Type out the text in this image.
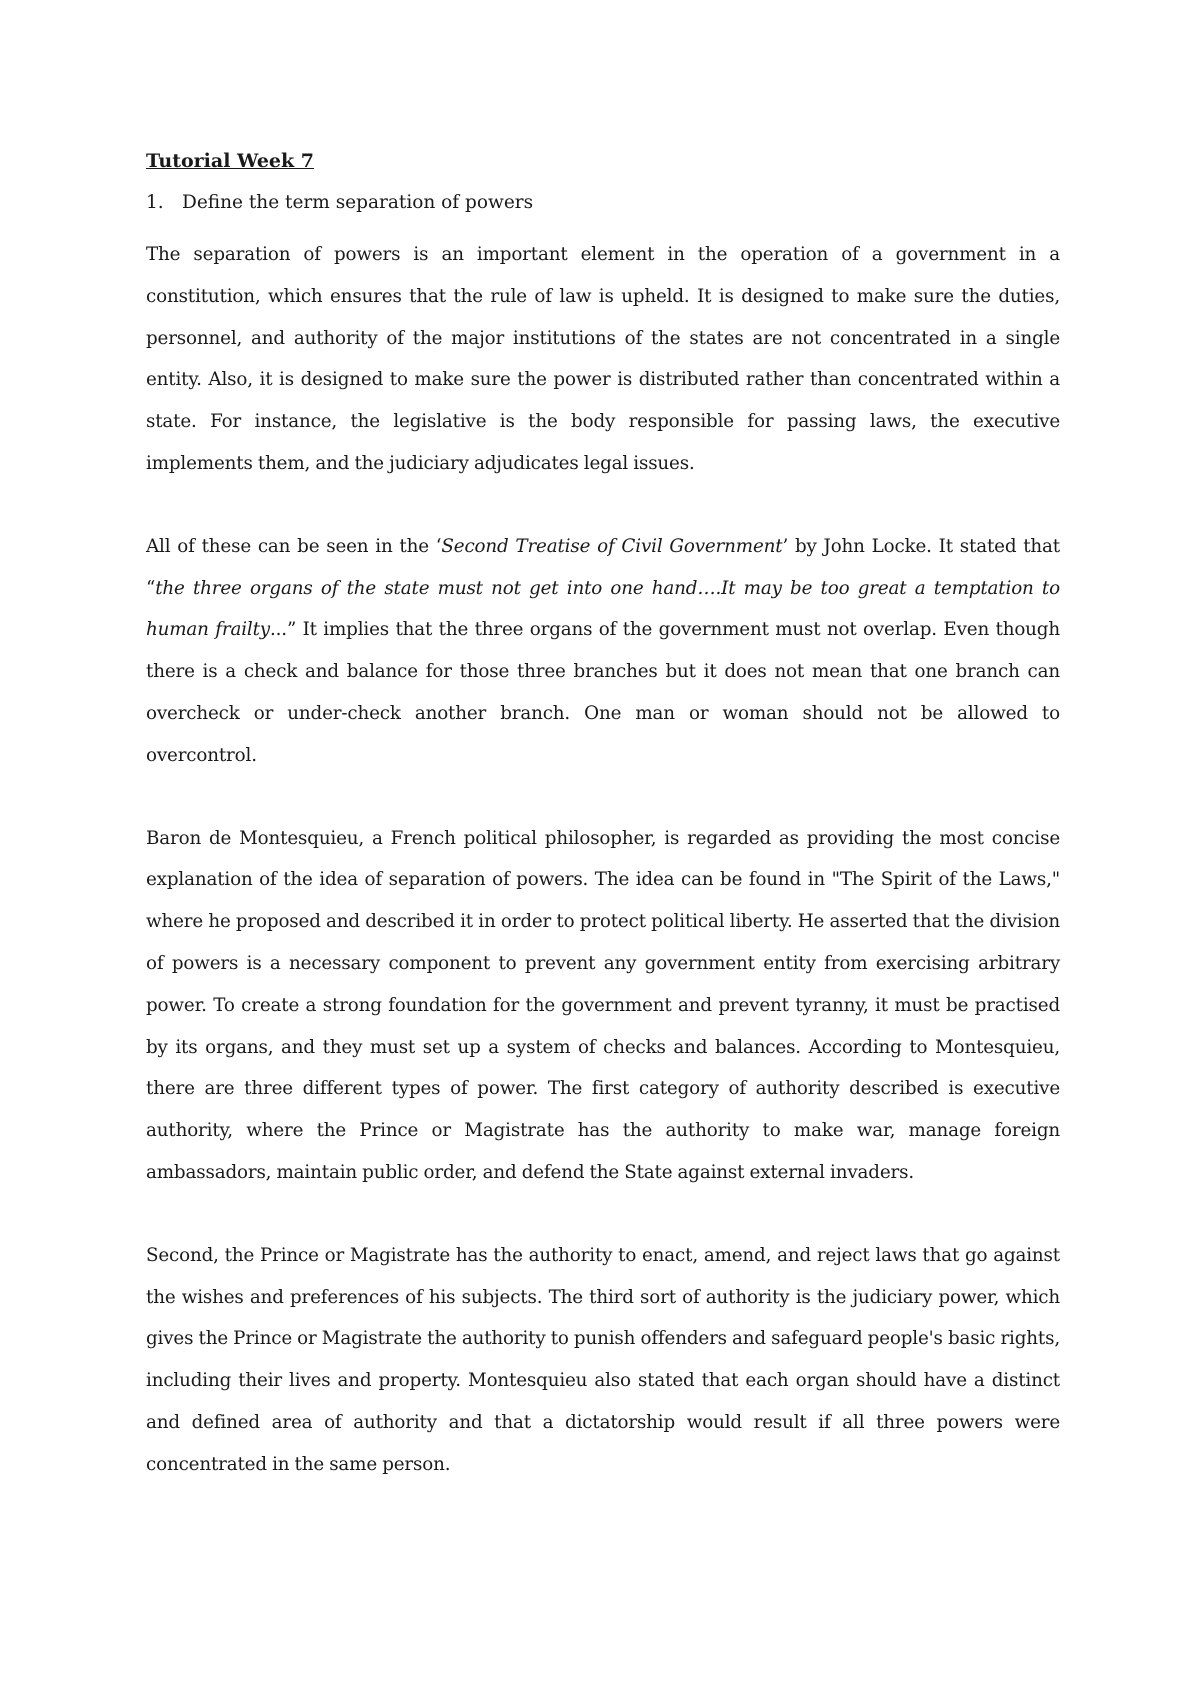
Tutorial Week 7
1. Define the term separation of powers

The separation of powers is an important element in the operation of a government in a constitution, which ensures that the rule of law is upheld. It is designed to make sure the duties, personnel, and authority of the major institutions of the states are not concentrated in a single entity. Also, it is designed to make sure the power is distributed rather than concentrated within a state. For instance, the legislative is the body responsible for passing laws, the executive implements them, and the judiciary adjudicates legal issues.

All of these can be seen in the ‘Second Treatise of Civil Government’ by John Locke. It stated that “the three organs of the state must not get into one hand….It may be too great a temptation to human frailty...” It implies that the three organs of the government must not overlap. Even though there is a check and balance for those three branches but it does not mean that one branch can overcheck or under-check another branch. One man or woman should not be allowed to overcontrol.

Baron de Montesquieu, a French political philosopher, is regarded as providing the most concise explanation of the idea of separation of powers. The idea can be found in "The Spirit of the Laws," where he proposed and described it in order to protect political liberty. He asserted that the division of powers is a necessary component to prevent any government entity from exercising arbitrary power. To create a strong foundation for the government and prevent tyranny, it must be practised by its organs, and they must set up a system of checks and balances. According to Montesquieu, there are three different types of power. The first category of authority described is executive authority, where the Prince or Magistrate has the authority to make war, manage foreign ambassadors, maintain public order, and defend the State against external invaders.

Second, the Prince or Magistrate has the authority to enact, amend, and reject laws that go against the wishes and preferences of his subjects. The third sort of authority is the judiciary power, which gives the Prince or Magistrate the authority to punish offenders and safeguard people's basic rights, including their lives and property. Montesquieu also stated that each organ should have a distinct and defined area of authority and that a dictatorship would result if all three powers were concentrated in the same person.
